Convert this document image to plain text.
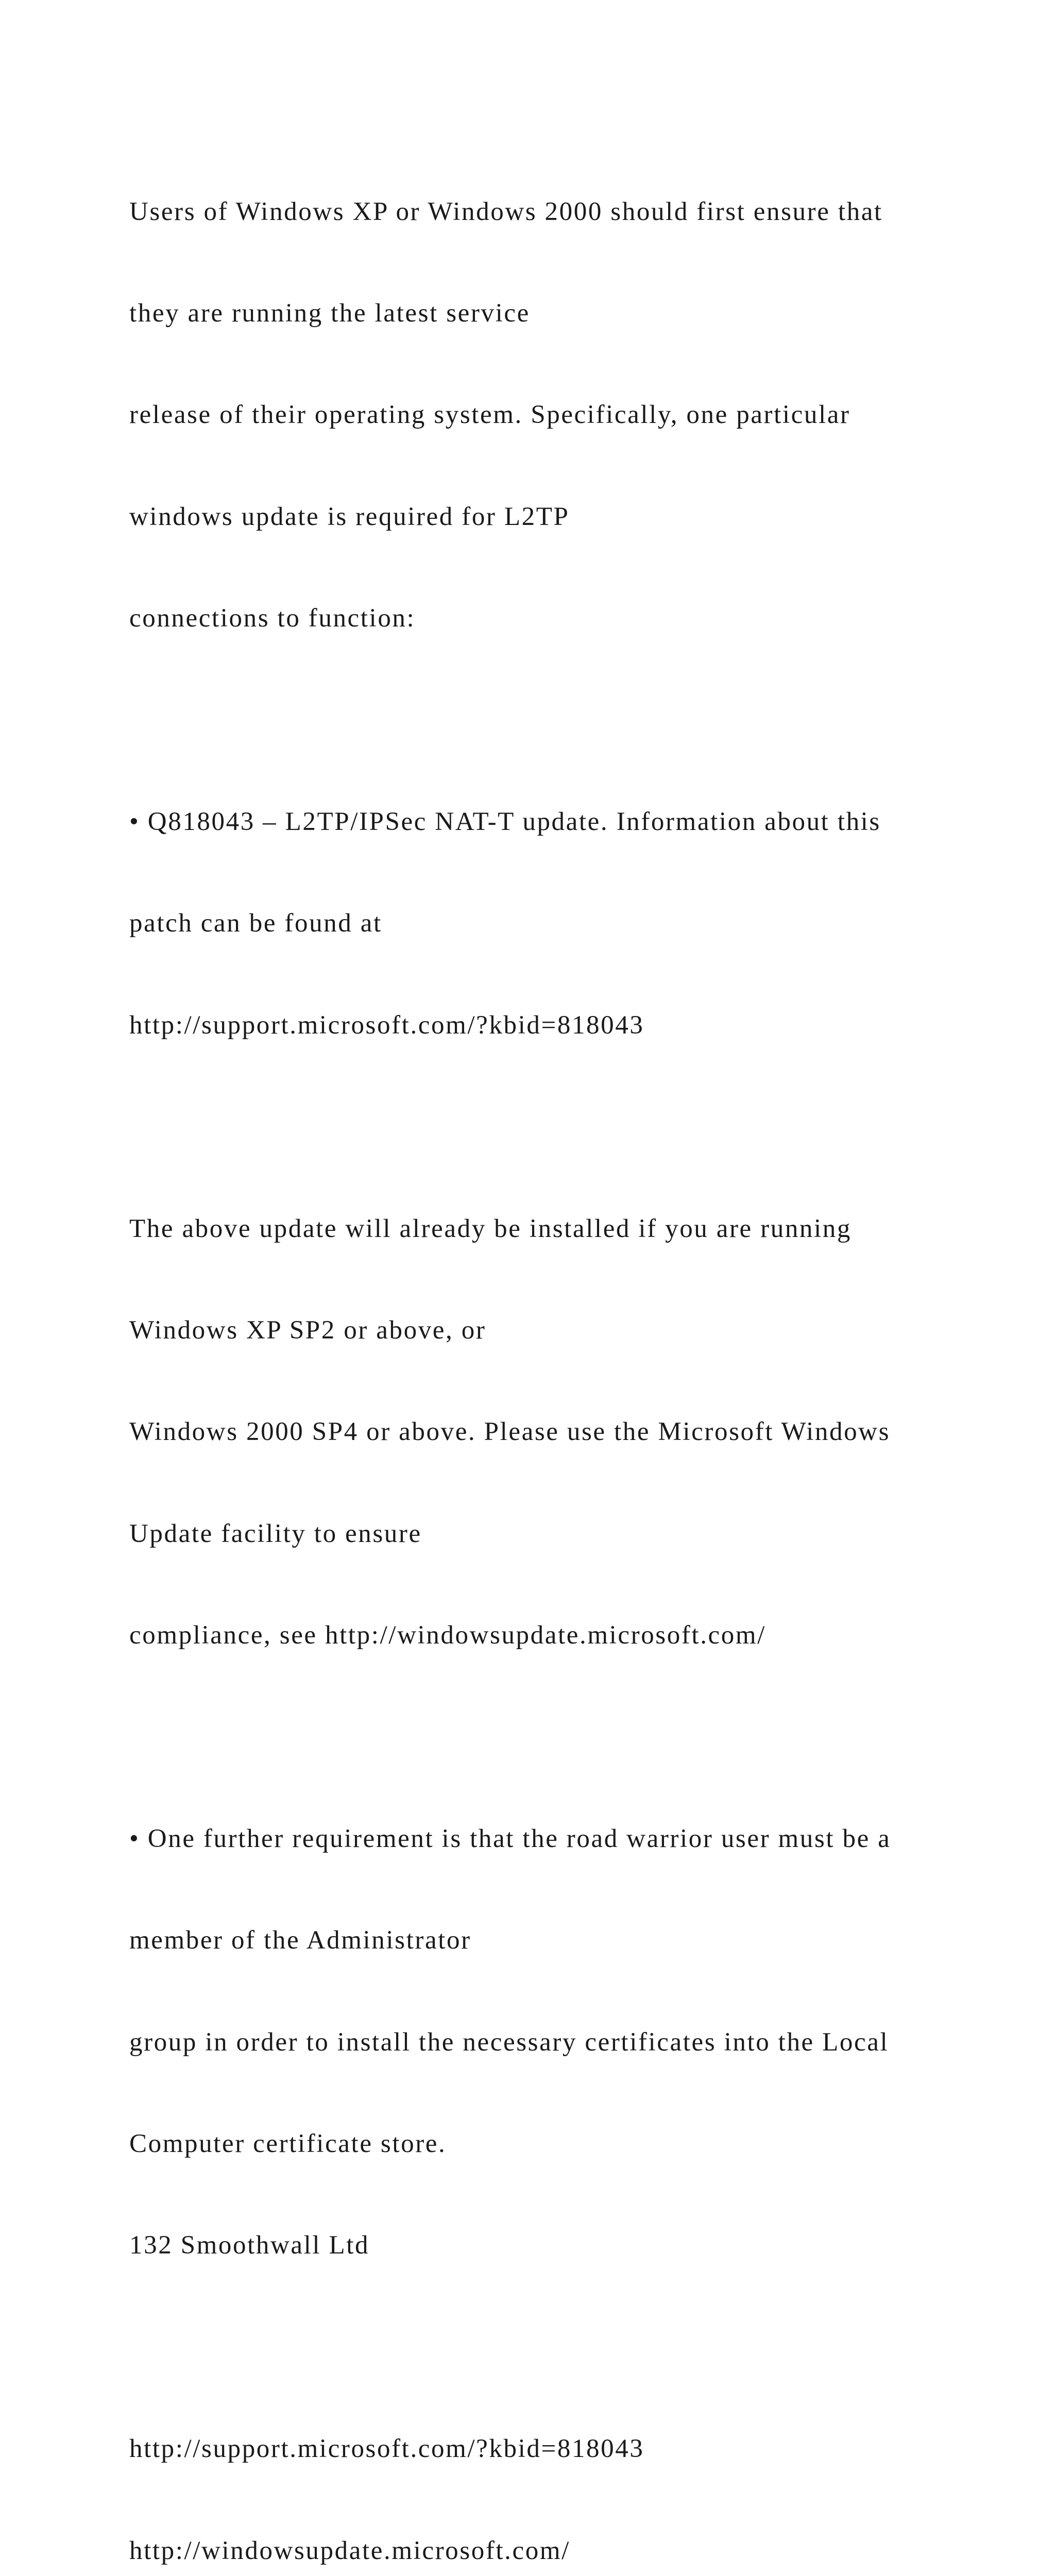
Users of Windows XP or Windows 2000 should first ensure that

they are running the latest service

release of their operating system. Specifically, one particular

windows update is required for L2TP

connections to function:

• Q818043 – L2TP/IPSec NAT-T update. Information about this

patch can be found at

http://support.microsoft.com/?kbid=818043

The above update will already be installed if you are running

Windows XP SP2 or above, or

Windows 2000 SP4 or above. Please use the Microsoft Windows

Update facility to ensure

compliance, see http://windowsupdate.microsoft.com/

• One further requirement is that the road warrior user must be a

member of the Administrator

group in order to install the necessary certificates into the Local

Computer certificate store.

132 Smoothwall Ltd

http://support.microsoft.com/?kbid=818043

http://windowsupdate.microsoft.com/
